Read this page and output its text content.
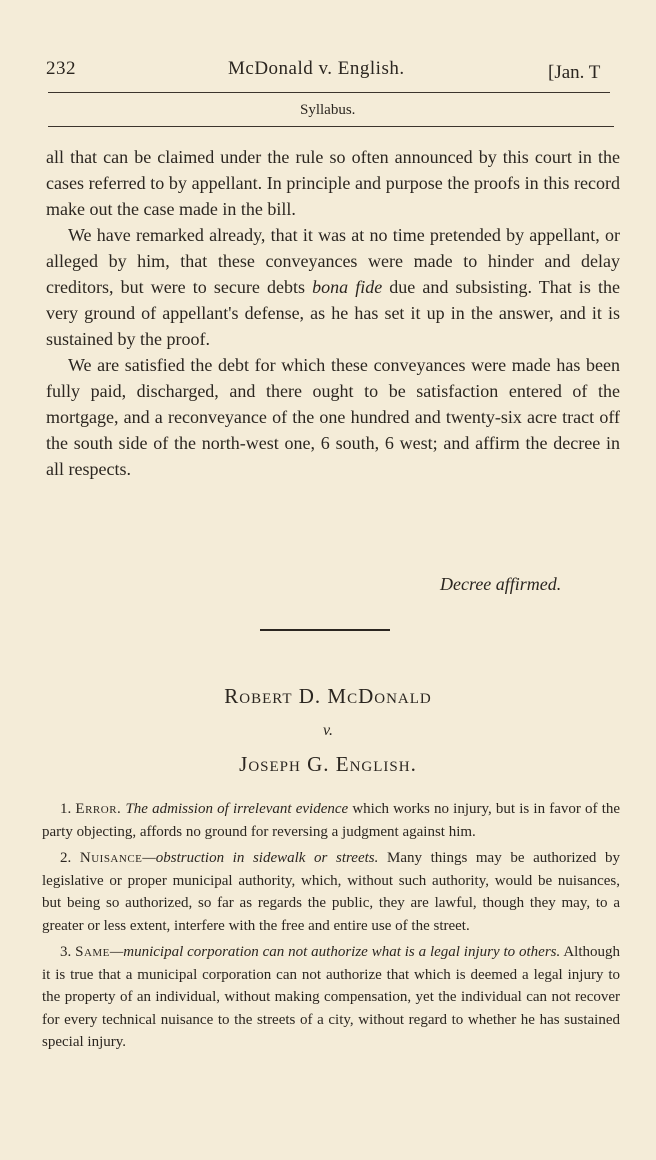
232	McDonald v. English.	[Jan. T
Syllabus.

all that can be claimed under the rule so often announced by this court in the cases referred to by appellant. In principle and purpose the proofs in this record make out the case made in the bill.

We have remarked already, that it was at no time pretended by appellant, or alleged by him, that these conveyances were made to hinder and delay creditors, but were to secure debts bona fide due and subsisting. That is the very ground of appellant's defense, as he has set it up in the answer, and it is sustained by the proof.

We are satisfied the debt for which these conveyances were made has been fully paid, discharged, and there ought to be satisfaction entered of the mortgage, and a reconveyance of the one hundred and twenty-six acre tract off the south side of the north-west one, 6 south, 6 west; and affirm the decree in all respects.

Decree affirmed.
Robert D. McDonald
v.
Joseph G. English.

1. Error. The admission of irrelevant evidence which works no injury, but is in favor of the party objecting, affords no ground for reversing a judgment against him.

2. Nuisance—obstruction in sidewalk or streets. Many things may be authorized by legislative or proper municipal authority, which, without such authority, would be nuisances, but being so authorized, so far as regards the public, they are lawful, though they may, to a greater or less extent, interfere with the free and entire use of the street.

3. Same—municipal corporation can not authorize what is a legal injury to others. Although it is true that a municipal corporation can not authorize that which is deemed a legal injury to the property of an individual, without making compensation, yet the individual can not recover for every technical nuisance to the streets of a city, without regard to whether he has sustained special injury.
